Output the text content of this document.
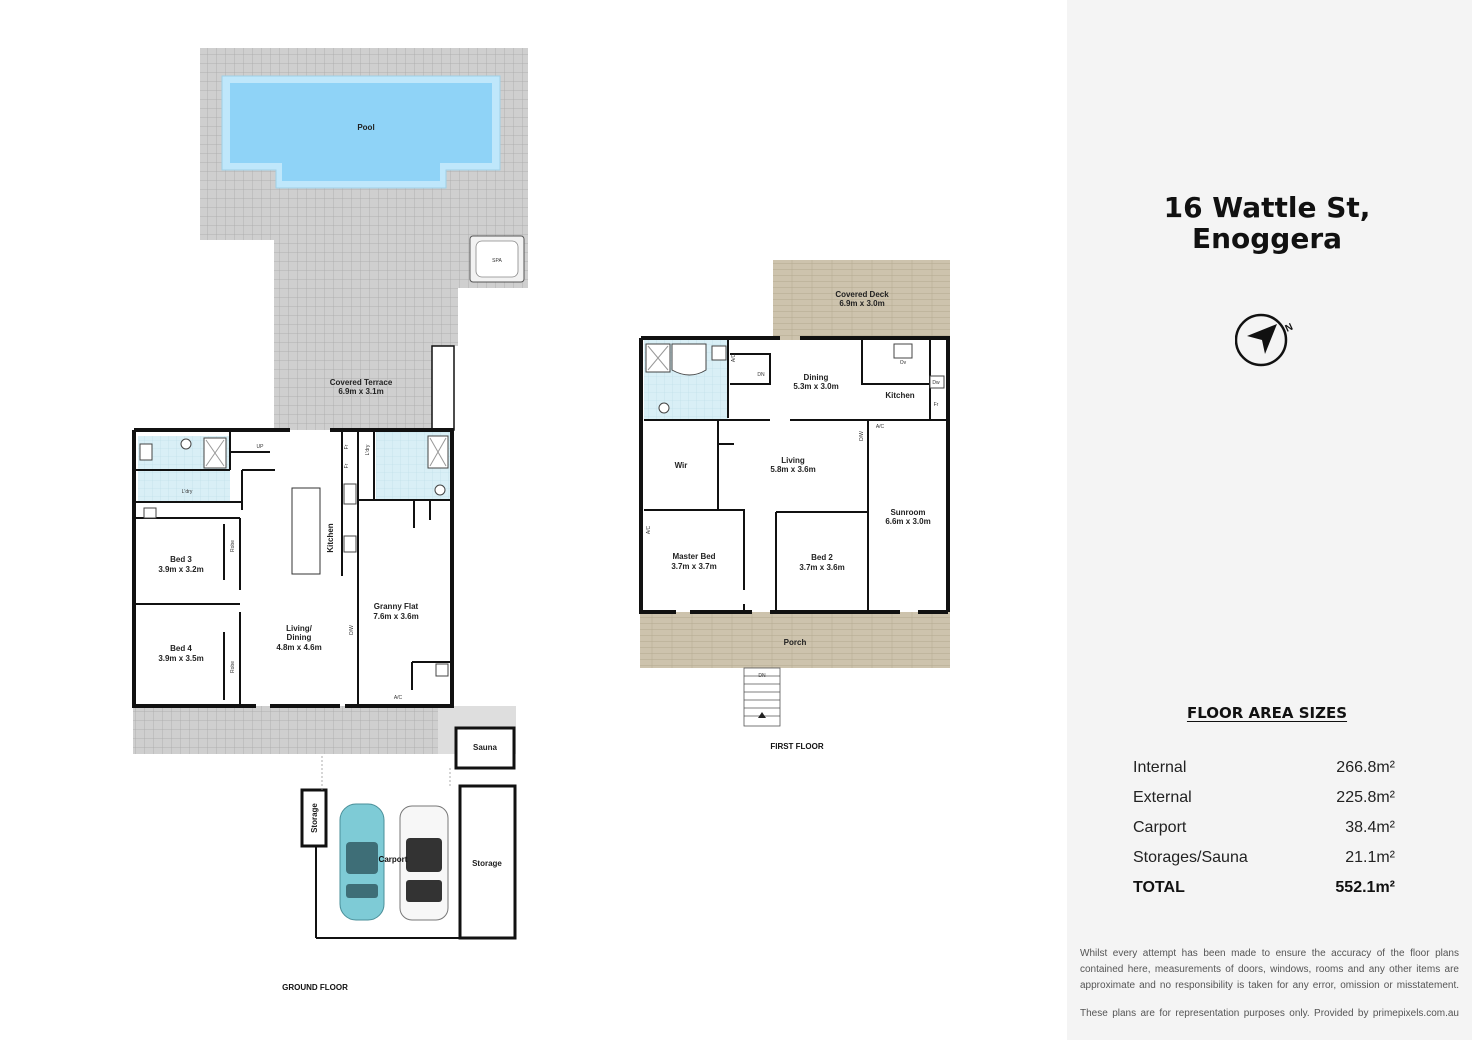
Pool
SPA
Covered Terrace
6.9m x 3.1m
L'dry
L'dry
UP
Kitchen
Fr
Fr
Bed 3
3.9m x 3.2m
Robe
Bed 4
3.9m x 3.5m
Robe
Living/
Dining
4.8m x 4.6m
Granny Flat
7.6m x 3.6m
D/W
A/C
Sauna
Storage
Storage
Carport
GROUND FLOOR
Covered Deck
6.9m x 3.0m
Porch
DN
Dining
5.3m x 3.0m
Kitchen
Wir
Living
5.8m x 3.6m
Sunroom
6.6m x 3.0m
Master Bed
3.7m x 3.7m
Bed 2
3.7m x 3.6m
DN
A/C
A/C
A/C
D/W
Ov
Dw
Fr
FIRST FLOOR
16 Wattle St,
Enoggera
N
FLOOR AREA SIZES
Internal	266.8m²
External	225.8m²
Carport	38.4m²
Storages/Sauna	21.1m²
TOTAL	552.1m²
Whilst every attempt has been made to ensure the accuracy of the floor plans
contained here, measurements of doors, windows, rooms and any other items are
approximate and no responsibility is taken for any error, omission or misstatement.
These plans are for representation purposes only. Provided by primepixels.com.au
